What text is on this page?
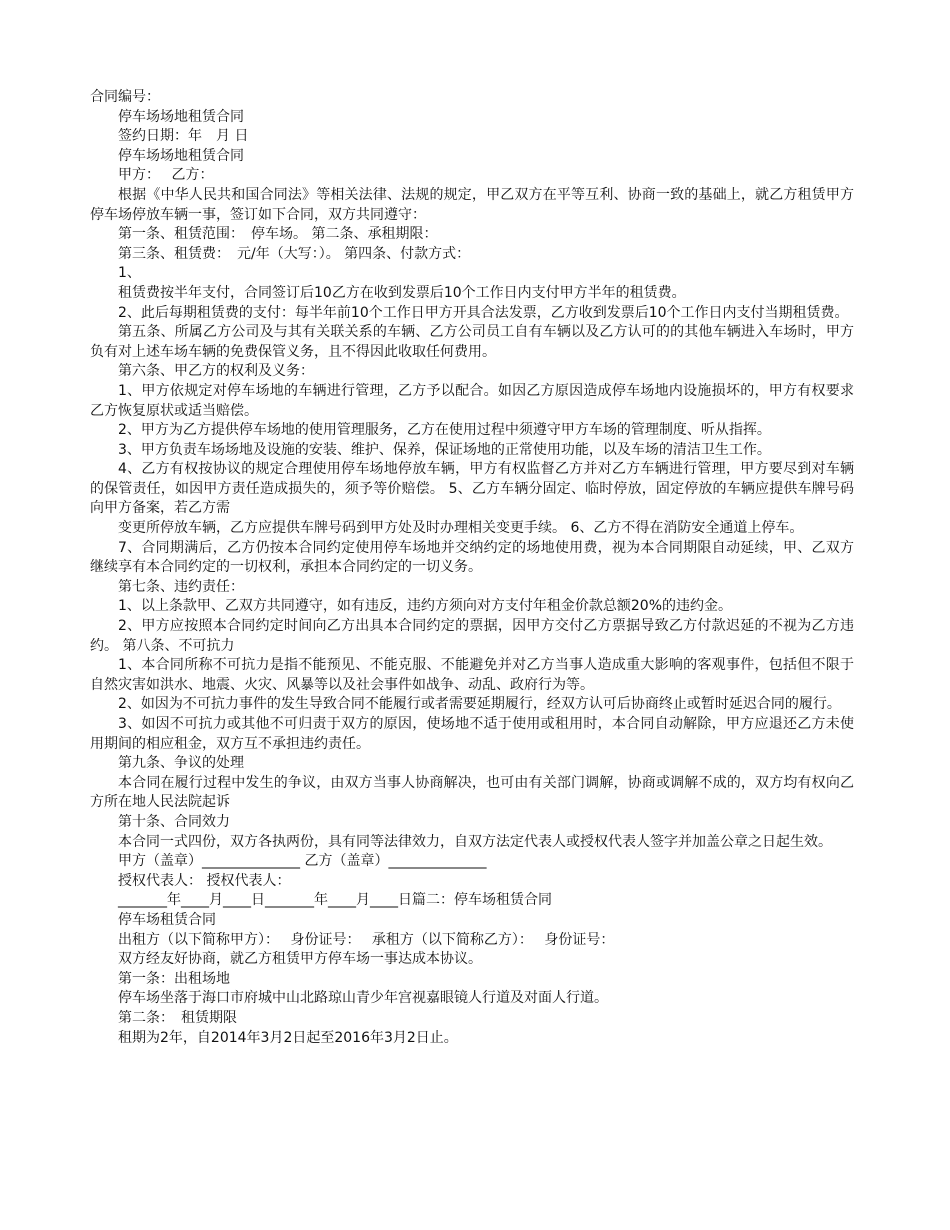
合同编号：

停车场场地租赁合同

签约日期：年　月 日

停车场场地租赁合同

甲方：　 乙方：

根据《中华人民共和国合同法》等相关法律、法规的规定，甲乙双方在平等互利、协商一致的基础上，就乙方租赁甲方　停车场停放车辆一事，签订如下合同，双方共同遵守：

第一条、租赁范围：　停车场。 第二条、承租期限：

第三条、租赁费：　元/年（大写：）。 第四条、付款方式：

1、

租赁费按半年支付，合同签订后10乙方在收到发票后10个工作日内支付甲方半年的租赁费。

2、此后每期租赁费的支付：每半年前10个工作日甲方开具合法发票，乙方收到发票后10个工作日内支付当期租赁费。

第五条、所属乙方公司及与其有关联关系的车辆、乙方公司员工自有车辆以及乙方认可的的其他车辆进入车场时，甲方负有对上述车场车辆的免费保管义务，且不得因此收取任何费用。

第六条、甲乙方的权利及义务：

1、甲方依规定对停车场地的车辆进行管理，乙方予以配合。如因乙方原因造成停车场地内设施损坏的，甲方有权要求乙方恢复原状或适当赔偿。

2、甲方为乙方提供停车场地的使用管理服务，乙方在使用过程中须遵守甲方车场的管理制度、听从指挥。

3、甲方负责车场场地及设施的安装、维护、保养，保证场地的正常使用功能，以及车场的清洁卫生工作。

4、乙方有权按协议的规定合理使用停车场地停放车辆，甲方有权监督乙方并对乙方车辆进行管理，甲方要尽到对车辆的保管责任，如因甲方责任造成损失的，须予等价赔偿。 5、乙方车辆分固定、临时停放，固定停放的车辆应提供车牌号码向甲方备案，若乙方需

变更所停放车辆，乙方应提供车牌号码到甲方处及时办理相关变更手续。 6、乙方不得在消防安全通道上停车。

7、合同期满后，乙方仍按本合同约定使用停车场地并交纳约定的场地使用费，视为本合同期限自动延续，甲、乙双方继续享有本合同约定的一切权利，承担本合同约定的一切义务。

第七条、违约责任：

1、以上条款甲、乙双方共同遵守，如有违反，违约方须向对方支付年租金价款总额20%的违约金。

2、甲方应按照本合同约定时间向乙方出具本合同约定的票据，因甲方交付乙方票据导致乙方付款迟延的不视为乙方违约。 第八条、不可抗力

1、本合同所称不可抗力是指不能预见、不能克服、不能避免并对乙方当事人造成重大影响的客观事件，包括但不限于自然灾害如洪水、地震、火灾、风暴等以及社会事件如战争、动乱、政府行为等。

2、如因为不可抗力事件的发生导致合同不能履行或者需要延期履行，经双方认可后协商终止或暂时延迟合同的履行。

3、如因不可抗力或其他不可归责于双方的原因，使场地不适于使用或租用时，本合同自动解除，甲方应退还乙方未使用期间的相应租金，双方互不承担违约责任。

第九条、争议的处理

本合同在履行过程中发生的争议，由双方当事人协商解决，也可由有关部门调解，协商或调解不成的，双方均有权向乙方所在地人民法院起诉

第十条、合同效力

本合同一式四份，双方各执两份，具有同等法律效力，自双方法定代表人或授权代表人签字并加盖公章之日起生效。

甲方（盖章）______________ 乙方（盖章）______________

授权代表人： 授权代表人：

_______年____月____日_______年____月____日篇二：停车场租赁合同

停车场租赁合同

出租方（以下简称甲方）：　 身份证号：　 承租方（以下简称乙方）：　 身份证号：

双方经友好协商，就乙方租赁甲方停车场一事达成本协议。

第一条：出租场地

停车场坐落于海口市府城中山北路琼山青少年宫视嘉眼镜人行道及对面人行道。

第二条：　租赁期限

租期为2年，自2014年3月2日起至2016年3月2日止。
